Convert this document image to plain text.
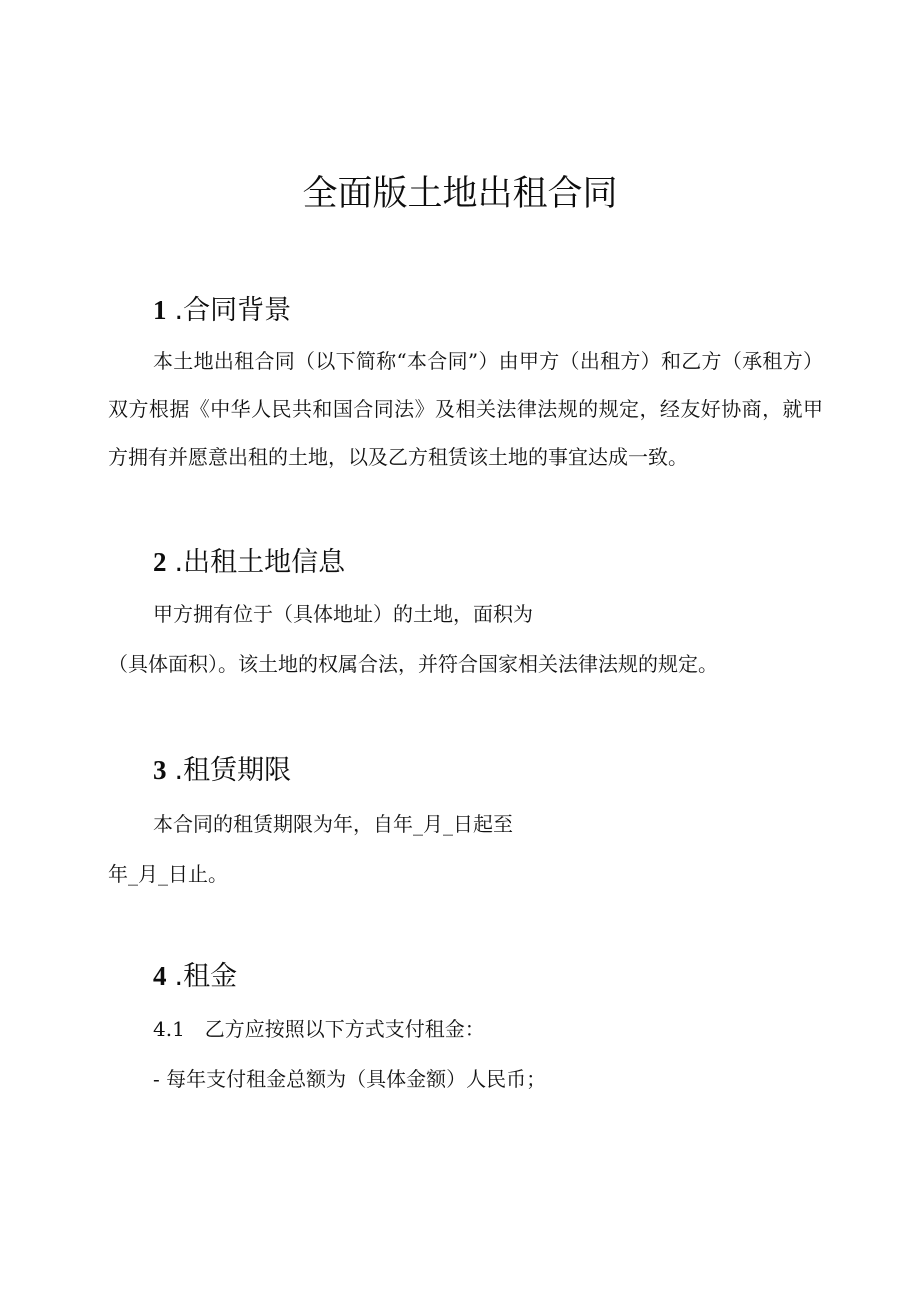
全面版土地出租合同
1 .合同背景
本土地出租合同（以下简称“本合同”）由甲方（出租方）和乙方（承租方）双方根据《中华人民共和国合同法》及相关法律法规的规定，经友好协商，就甲方拥有并愿意出租的土地，以及乙方租赁该土地的事宜达成一致。
2 .出租土地信息
甲方拥有位于（具体地址）的土地，面积为
（具体面积）。该土地的权属合法，并符合国家相关法律法规的规定。
3 .租赁期限
本合同的租赁期限为年，自年_月_日起至
年_月_日止。
4 .租金
4.1　乙方应按照以下方式支付租金：
- 每年支付租金总额为（具体金额）人民币；
